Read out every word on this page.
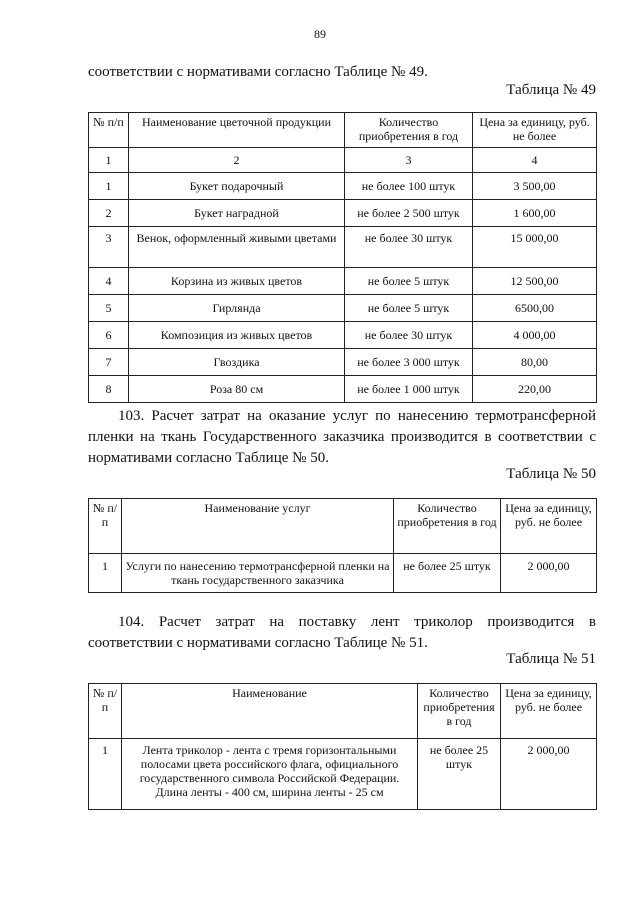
89
соответствии с нормативами согласно Таблице № 49.
Таблица № 49
№ п/п	Наименование цветочной продукции	Количество приобретения в год	Цена за единицу, руб. не более
1	2	3	4
1	Букет подарочный	не более 100 штук	3 500,00
2	Букет наградной	не более 2 500 штук	1 600,00
3	Венок, оформленный живыми цветами	не более 30 штук	15 000,00
4	Корзина из живых цветов	не более 5 штук	12 500,00
5	Гирлянда	не более 5 штук	6500,00
6	Композиция из живых цветов	не более 30 штук	4 000,00
7	Гвоздика	не более 3 000 штук	80,00
8	Роза 80 см	не более 1 000 штук	220,00
103. Расчет затрат на оказание услуг по нанесению термотрансферной
пленки на ткань Государственного заказчика производится в соответствии с
нормативами согласно Таблице № 50.
Таблица № 50
№ п/п	Наименование услуг	Количество приобретения в год	Цена за единицу, руб. не более
1	Услуги по нанесению термотрансферной пленки на ткань государственного заказчика	не более 25 штук	2 000,00
104. Расчет затрат на поставку лент триколор производится в
соответствии с нормативами согласно Таблице № 51.
Таблица № 51
№ п/п	Наименование	Количество приобретения в год	Цена за единицу, руб. не более
1	Лента триколор - лента с тремя горизонтальными полосами цвета российского флага, официального государственного символа Российской Федерации. Длина ленты - 400 см, ширина ленты - 25 см	не более 25 штук	2 000,00
